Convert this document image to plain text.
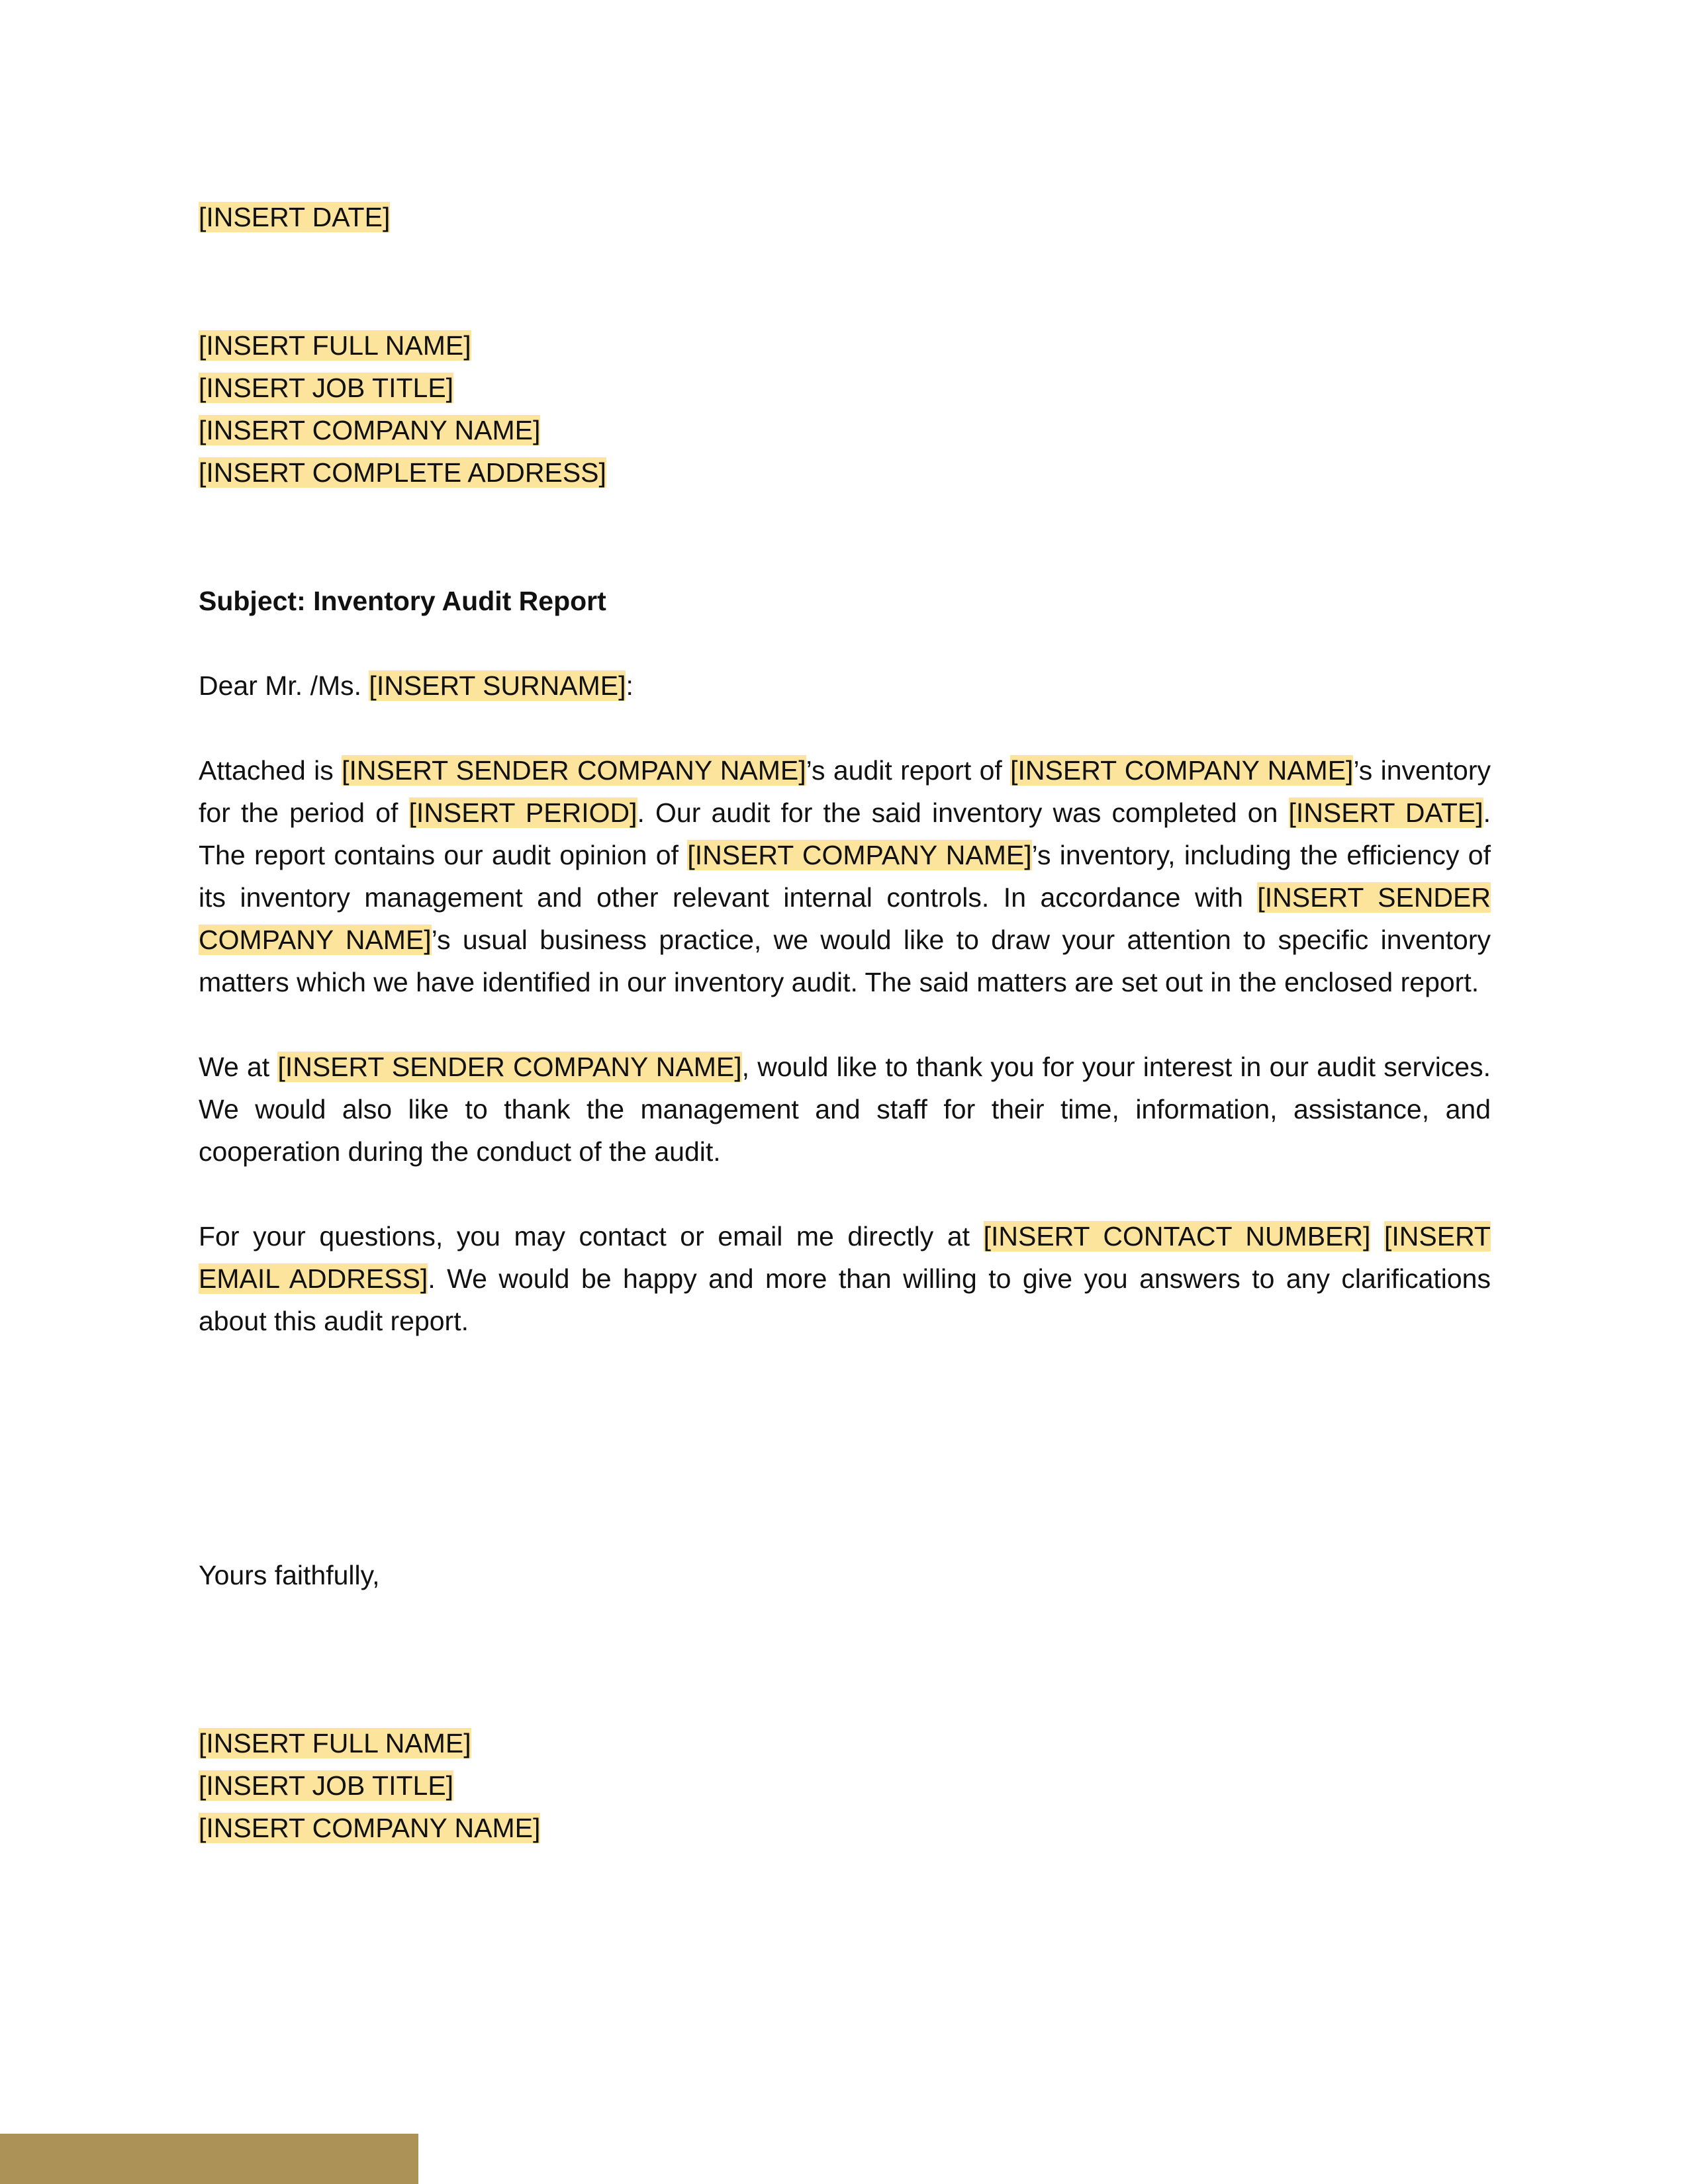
[INSERT DATE]
[INSERT FULL NAME]
[INSERT JOB TITLE]
[INSERT COMPANY NAME]
[INSERT COMPLETE ADDRESS]
Subject: Inventory Audit Report
Dear Mr. /Ms. [INSERT SURNAME]:
Attached is [INSERT SENDER COMPANY NAME]’s audit report of [INSERT COMPANY NAME]’s inventory for the period of [INSERT PERIOD]. Our audit for the said inventory was completed on [INSERT DATE]. The report contains our audit opinion of [INSERT COMPANY NAME]’s inventory, including the efficiency of its inventory management and other relevant internal controls. In accordance with [INSERT SENDER COMPANY NAME]’s usual business practice, we would like to draw your attention to specific inventory matters which we have identified in our inventory audit. The said matters are set out in the enclosed report.
We at [INSERT SENDER COMPANY NAME], would like to thank you for your interest in our audit services. We would also like to thank the management and staff for their time, information, assistance, and cooperation during the conduct of the audit.
For your questions, you may contact or email me directly at [INSERT CONTACT NUMBER] [INSERT EMAIL ADDRESS]. We would be happy and more than willing to give you answers to any clarifications about this audit report.
Yours faithfully,
[INSERT FULL NAME]
[INSERT JOB TITLE]
[INSERT COMPANY NAME]
